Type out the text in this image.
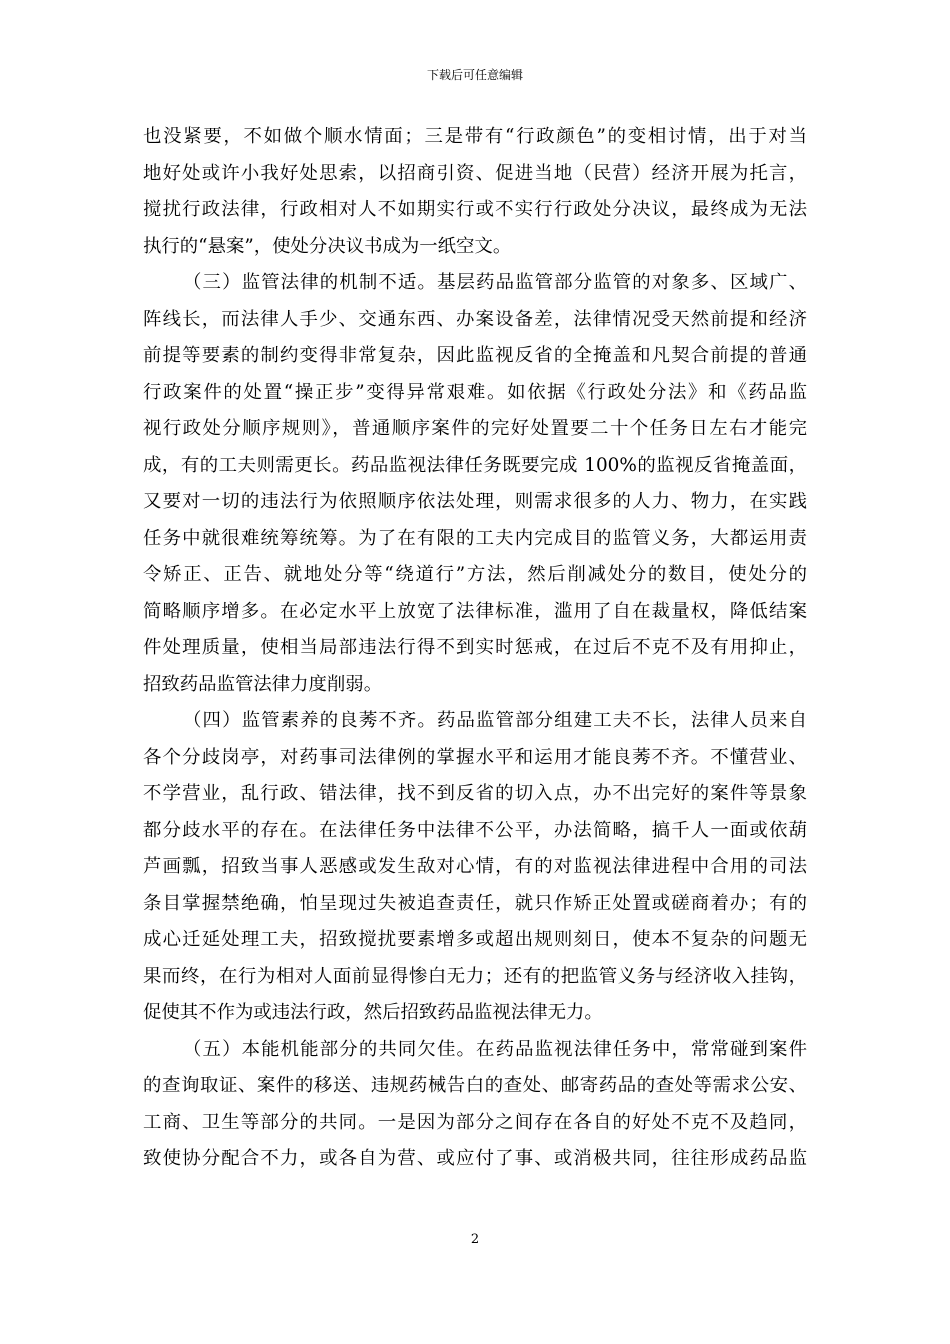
下载后可任意编辑
也没紧要，不如做个顺水情面；三是带有“行政颜色”的变相讨情，出于对当
地好处或许小我好处思索，以招商引资、促进当地（民营）经济开展为托言，
搅扰行政法律，行政相对人不如期实行或不实行行政处分决议，最终成为无法
执行的“悬案”，使处分决议书成为一纸空文。
（三）监管法律的机制不适。基层药品监管部分监管的对象多、区域广、
阵线长，而法律人手少、交通东西、办案设备差，法律情况受天然前提和经济
前提等要素的制约变得非常复杂，因此监视反省的全掩盖和凡契合前提的普通
行政案件的处置“操正步”变得异常艰难。如依据《行政处分法》和《药品监
视行政处分顺序规则》，普通顺序案件的完好处置要二十个任务日左右才能完
成，有的工夫则需更长。药品监视法律任务既要完成 100%的监视反省掩盖面，
又要对一切的违法行为依照顺序依法处理，则需求很多的人力、物力，在实践
任务中就很难统筹统筹。为了在有限的工夫内完成目的监管义务，大都运用责
令矫正、正告、就地处分等“绕道行”方法，然后削减处分的数目，使处分的
简略顺序增多。在必定水平上放宽了法律标准，滥用了自在裁量权，降低结案
件处理质量，使相当局部违法行得不到实时惩戒，在过后不克不及有用抑止，
招致药品监管法律力度削弱。
（四）监管素养的良莠不齐。药品监管部分组建工夫不长，法律人员来自
各个分歧岗亭，对药事司法律例的掌握水平和运用才能良莠不齐。不懂营业、
不学营业，乱行政、错法律，找不到反省的切入点，办不出完好的案件等景象
都分歧水平的存在。在法律任务中法律不公平，办法简略，搞千人一面或依葫
芦画瓢，招致当事人恶感或发生敌对心情，有的对监视法律进程中合用的司法
条目掌握禁绝确，怕呈现过失被追查责任，就只作矫正处置或磋商着办；有的
成心迁延处理工夫，招致搅扰要素增多或超出规则刻日，使本不复杂的问题无
果而终，在行为相对人面前显得惨白无力；还有的把监管义务与经济收入挂钩，
促使其不作为或违法行政，然后招致药品监视法律无力。
（五）本能机能部分的共同欠佳。在药品监视法律任务中，常常碰到案件
的查询取证、案件的移送、违规药械告白的查处、邮寄药品的查处等需求公安、
工商、卫生等部分的共同。一是因为部分之间存在各自的好处不克不及趋同，
致使协分配合不力，或各自为营、或应付了事、或消极共同，往往形成药品监
2
